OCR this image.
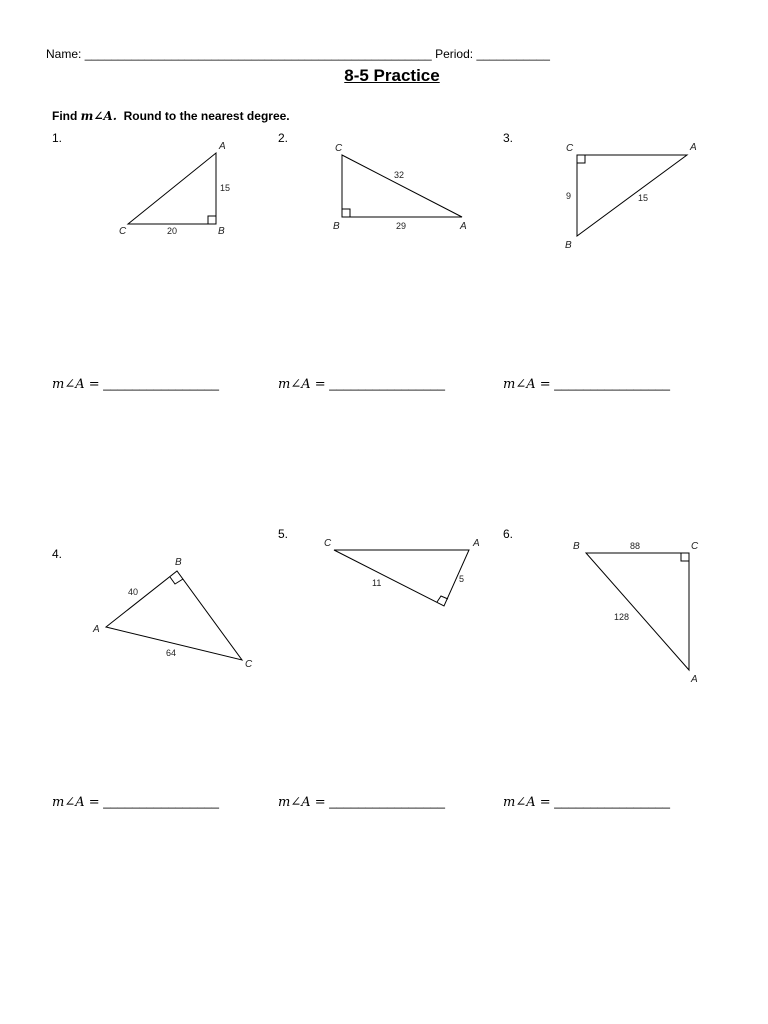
Name: ____________________________________________________ Period: ___________
8-5 Practice
Find m∠A. Round to the nearest degree.
1.	2.	3.
4.
5.	6.
A
B
C
15
20	A
B
C
32
29
A
B
C
9	15
A
B
C
40
64
A
C
11	5
A
B	C
88
128
m∠A = ________________	m∠A = ________________	m∠A = ________________
m∠A = ________________	m∠A = ________________	m∠A = ________________
